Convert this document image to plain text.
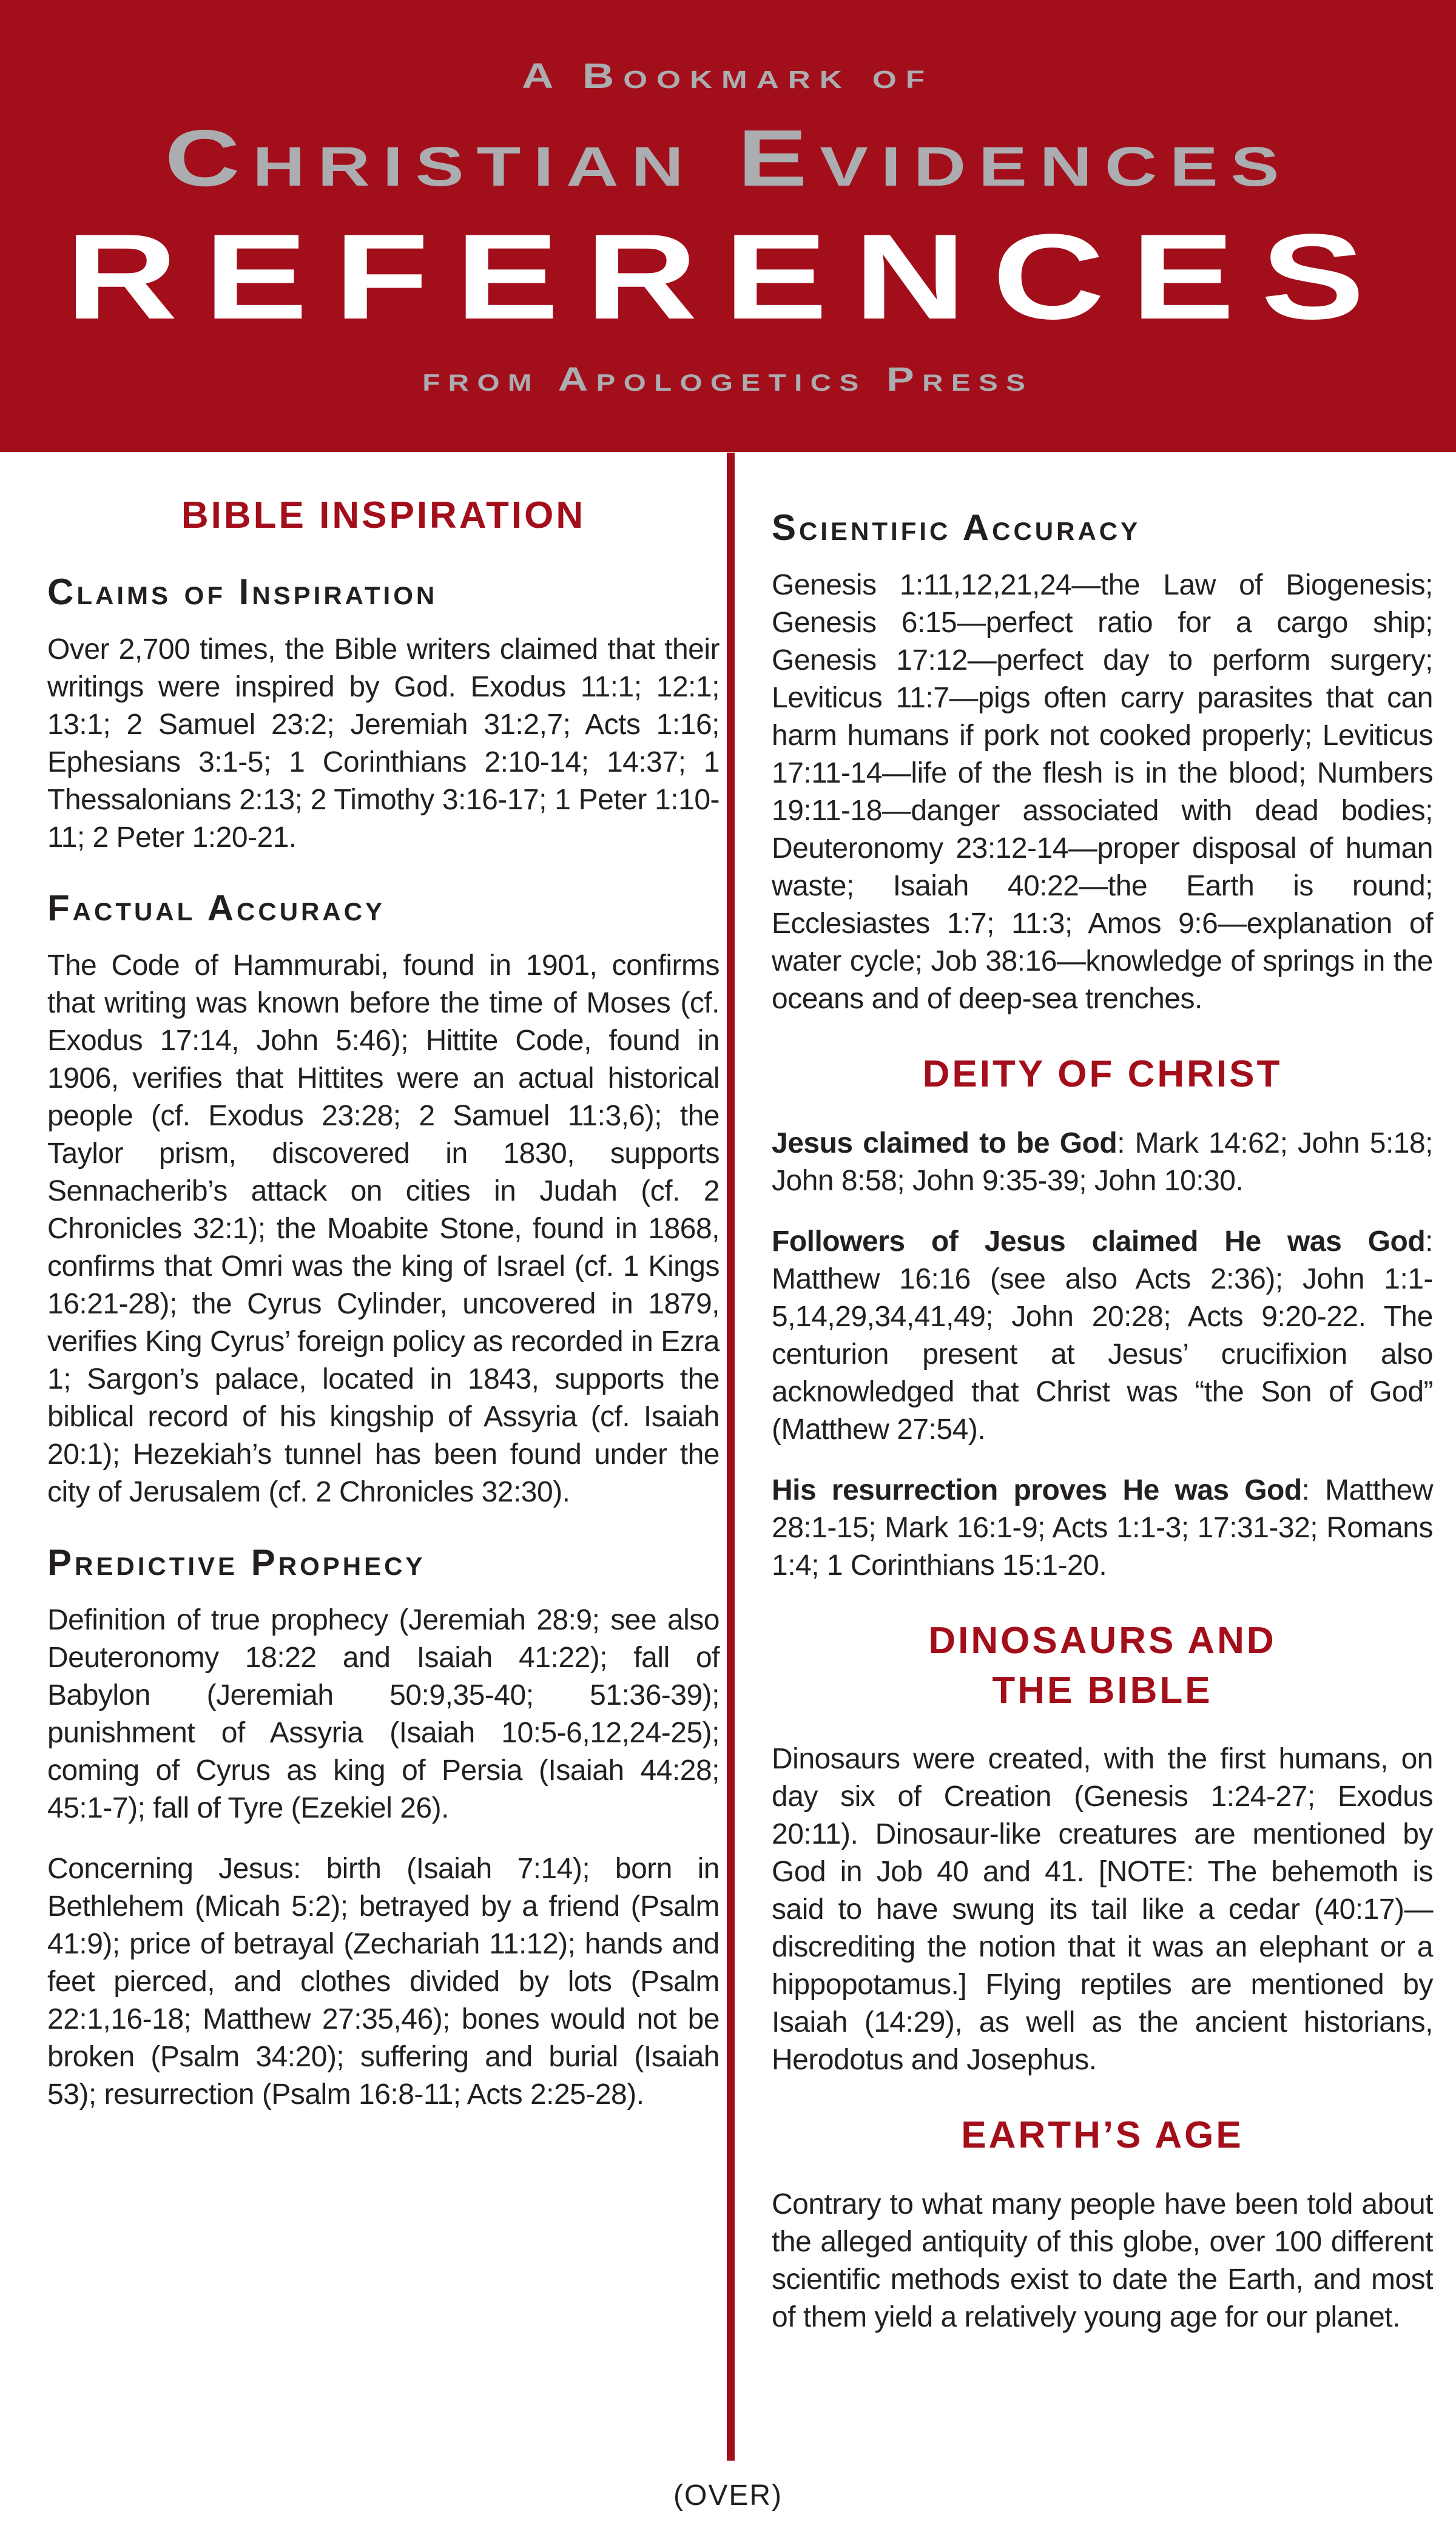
A Bookmark of
Christian Evidences
REFERENCES
from Apologetics Press
BIBLE INSPIRATION
Claims of Inspiration

Over 2,700 times, the Bible writers claimed that their writings were inspired by God. Exodus 11:1; 12:1; 13:1; 2 Samuel 23:2; Jeremiah 31:2,7; Acts 1:16; Ephesians 3:1-5; 1 Corinthians 2:10-14; 14:37; 1 Thessalonians 2:13; 2 Timothy 3:16-17; 1 Peter 1:10-11; 2 Peter 1:20-21.

Factual Accuracy

The Code of Hammurabi, found in 1901, confirms that writing was known before the time of Moses (cf. Exodus 17:14, John 5:46); Hittite Code, found in 1906, verifies that Hittites were an actual historical people (cf. Exodus 23:28; 2 Samuel 11:3,6); the Taylor prism, discovered in 1830, supports Sennacherib’s attack on cities in Judah (cf. 2 Chronicles 32:1); the Moabite Stone, found in 1868, confirms that Omri was the king of Israel (cf. 1 Kings 16:21-28); the Cyrus Cylinder, uncovered in 1879, verifies King Cyrus’ foreign policy as recorded in Ezra 1; Sargon’s palace, located in 1843, supports the biblical record of his kingship of Assyria (cf. Isaiah 20:1); Hezekiah’s tunnel has been found under the city of Jerusalem (cf. 2 Chronicles 32:30).

Predictive Prophecy

Definition of true prophecy (Jeremiah 28:9; see also Deuteronomy 18:22 and Isaiah 41:22); fall of Babylon (Jeremiah 50:9,35-40; 51:36-39); punishment of Assyria (Isaiah 10:5-6,12,24-25); coming of Cyrus as king of Persia (Isaiah 44:28; 45:1-7); fall of Tyre (Ezekiel 26).

Concerning Jesus: birth (Isaiah 7:14); born in Bethlehem (Micah 5:2); betrayed by a friend (Psalm 41:9); price of betrayal (Zechariah 11:12); hands and feet pierced, and clothes divided by lots (Psalm 22:1,16-18; Matthew 27:35,46); bones would not be broken (Psalm 34:20); suffering and burial (Isaiah 53); resurrection (Psalm 16:8-11; Acts 2:25-28).

Scientific Accuracy

Genesis 1:11,12,21,24—the Law of Biogenesis; Genesis 6:15—perfect ratio for a cargo ship; Genesis 17:12—perfect day to perform surgery; Leviticus 11:7—pigs often carry parasites that can harm humans if pork not cooked properly; Leviticus 17:11-14—life of the flesh is in the blood; Numbers 19:11-18—danger associated with dead bodies; Deuteronomy 23:12-14—proper disposal of human waste; Isaiah 40:22—the Earth is round; Ecclesiastes 1:7; 11:3; Amos 9:6—explanation of water cycle; Job 38:16—knowledge of springs in the oceans and of deep-sea trenches.

DEITY OF CHRIST

Jesus claimed to be God: Mark 14:62; John 5:18; John 8:58; John 9:35-39; John 10:30.

Followers of Jesus claimed He was God: Matthew 16:16 (see also Acts 2:36); John 1:1-5,14,29,34,41,49; John 20:28; Acts 9:20-22. The centurion present at Jesus’ crucifixion also acknowledged that Christ was “the Son of God” (Matthew 27:54).

His resurrection proves He was God: Matthew 28:1-15; Mark 16:1-9; Acts 1:1-3; 17:31-32; Romans 1:4; 1 Corinthians 15:1-20.

DINOSAURS AND
THE BIBLE

Dinosaurs were created, with the first humans, on day six of Creation (Genesis 1:24-27; Exodus 20:11). Dinosaur-like creatures are mentioned by God in Job 40 and 41. [NOTE: The behemoth is said to have swung its tail like a cedar (40:17)—discrediting the notion that it was an elephant or a hippopotamus.] Flying reptiles are mentioned by Isaiah (14:29), as well as the ancient historians, Herodotus and Josephus.

EARTH’S AGE

Contrary to what many people have been told about the alleged antiquity of this globe, over 100 different scientific methods exist to date the Earth, and most of them yield a relatively young age for our planet.

(OVER)
